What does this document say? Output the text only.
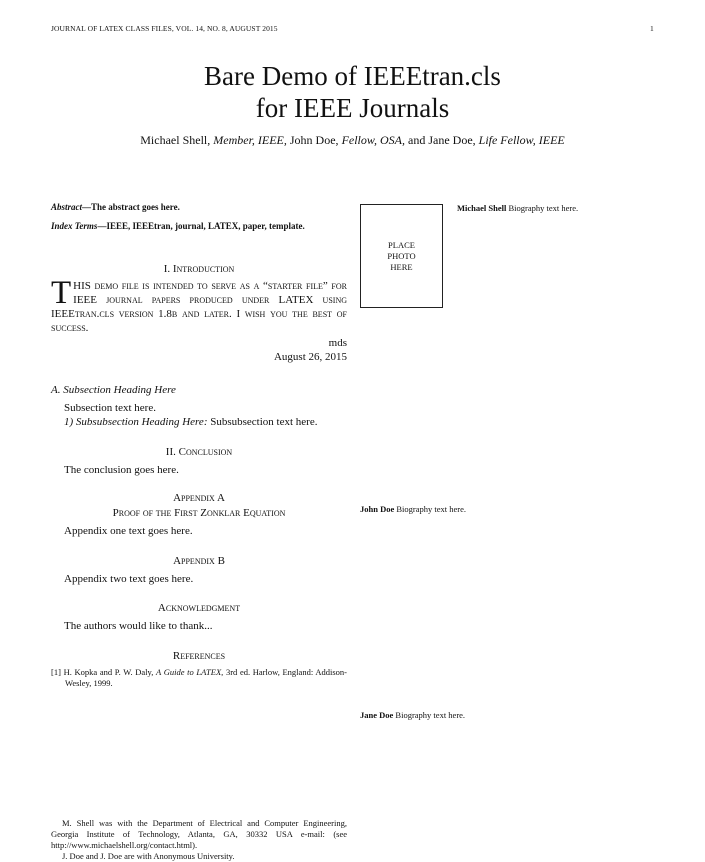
JOURNAL OF LATEX CLASS FILES, VOL. 14, NO. 8, AUGUST 2015	1
Bare Demo of IEEEtran.cls
for IEEE Journals
Michael Shell, Member, IEEE, John Doe, Fellow, OSA, and Jane Doe, Life Fellow, IEEE
Abstract—The abstract goes here.
Index Terms—IEEE, IEEEtran, journal, LATEX, paper, template.
I. Introduction
THIS demo file is intended to serve as a “starter file” for IEEE journal papers produced under LATEX using IEEEtran.cls version 1.8b and later. I wish you the best of success.
mds
August 26, 2015
A. Subsection Heading Here
Subsection text here.
1) Subsubsection Heading Here: Subsubsection text here.
II. Conclusion
The conclusion goes here.
Appendix A
Proof of the First Zonklar Equation
Appendix one text goes here.
Appendix B
Appendix two text goes here.
Acknowledgment
The authors would like to thank...
References
[1] H. Kopka and P. W. Daly, A Guide to LATEX, 3rd ed. Harlow, England: Addison-Wesley, 1999.
M. Shell was with the Department of Electrical and Computer Engineering, Georgia Institute of Technology, Atlanta, GA, 30332 USA e-mail: (see http://www.michaelshell.org/contact.html).
J. Doe and J. Doe are with Anonymous University.
PLACE PHOTO HERE
Michael Shell Biography text here.
John Doe Biography text here.
Jane Doe Biography text here.
